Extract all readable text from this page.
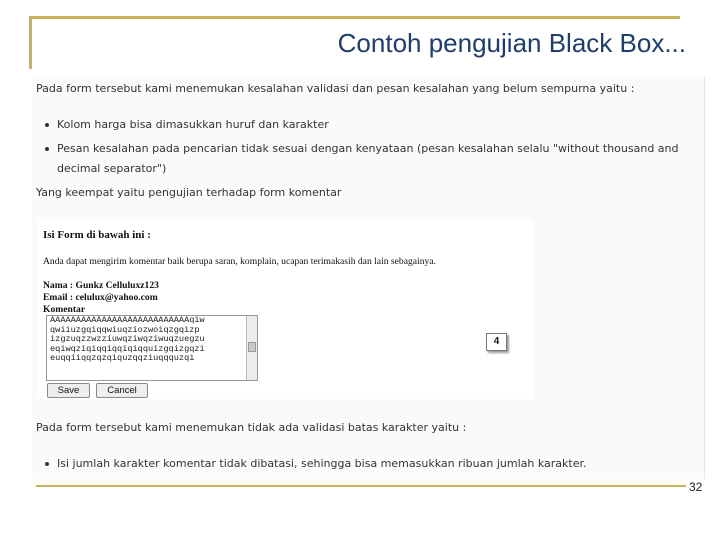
Contoh pengujian Black Box...
Pada form tersebut kami menemukan kesalahan validasi dan pesan kesalahan yang belum sempurna yaitu :
Kolom harga bisa dimasukkan huruf dan karakter
Pesan kesalahan pada pencarian tidak sesuai dengan kenyataan (pesan kesalahan selalu "without thousand and
decimal separator")
Yang keempat yaitu pengujian terhadap form komentar
Isi Form di bawah ini :
Anda dapat mengirim komentar baik berupa saran, komplain, ucapan terimakasih dan lain sebagainya.
Nama : Gunkz Celluluxz123
Email : celulux@yahoo.com
Komentar
AAAAAAAAAAAAAAAAAAAAAAAAAAAqiw
qwiiuzgqiqqwiuqziozwoiqzgqizp
izgzuqzzwzziuwqziwqziwuqzuegzu
eqiwqziqiqqiqqiqiqquizgqizgqzi
euqqiiqqzqzqiquzqqziuqqquzqi
Save	Cancel
Pada form tersebut kami menemukan tidak ada validasi batas karakter yaitu :
Isi jumlah karakter komentar tidak dibatasi, sehingga bisa memasukkan ribuan jumlah karakter.
4
32
